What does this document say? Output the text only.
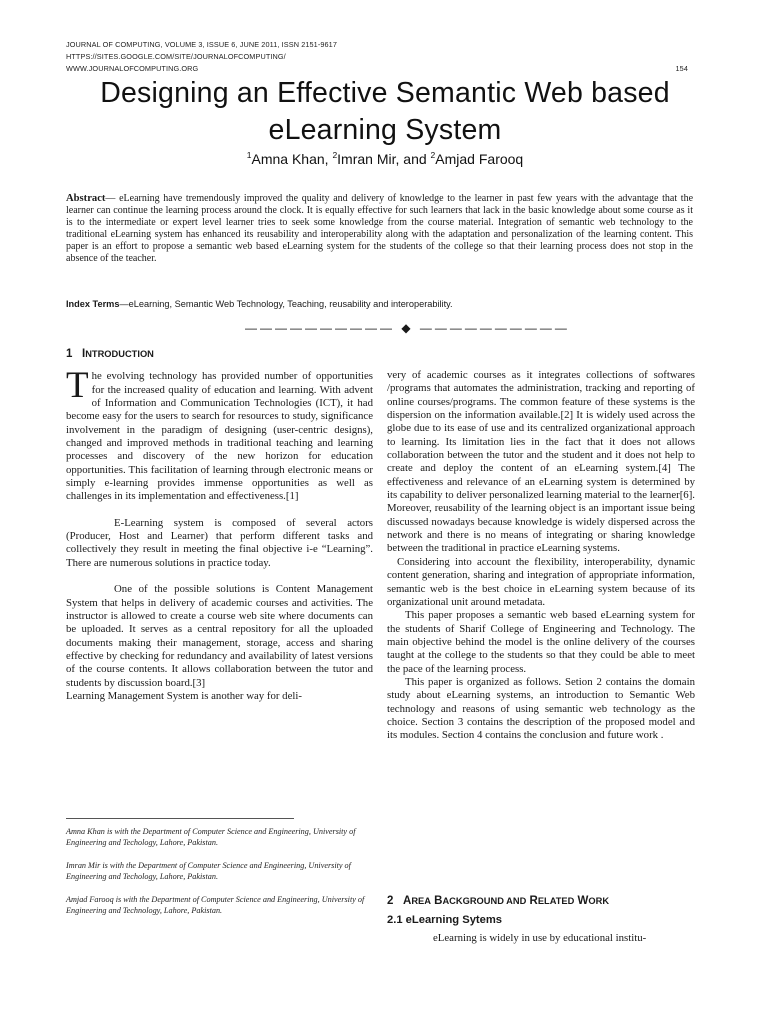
JOURNAL OF COMPUTING, VOLUME 3, ISSUE 6, JUNE 2011, ISSN 2151-9617
HTTPS://SITES.GOOGLE.COM/SITE/JOURNALOFCOMPUTING/
WWW.JOURNALOFCOMPUTING.ORG	154
Designing an Effective Semantic Web based
eLearning System
$^1$Amna Khan, $^2$Imran Mir, and $^2$Amjad Farooq
Abstract— eLearning have tremendously improved the quality and delivery of knowledge to the learner in past few years with the advantage that the learner can continue the learning process around the clock. It is equally effective for such learners that lack in the basic knowledge about some course as it is to the intermediate or expert level learner tries to seek some knowledge from the course material. Integration of semantic web technology to the traditional eLearning system has enhanced its reusability and interoperability along with the adaptation and personalization of the learning content. This paper is an effort to propose a semantic web based eLearning system for the students of the college so that their learning process does not stop in the absence of the teacher.
Index Terms—eLearning, Semantic Web Technology, Teaching, reusability and interoperability.
—————————— ◆ ——————————
1 INTRODUCTION

The evolving technology has provided number of opportunities for the increased quality of education and learning. With advent of Information and Communication Technologies (ICT), it had become easy for the users to search for resources to study, significance involvement in the paradigm of designing (user-centric designs), changed and improved methods in traditional teaching and learning processes and discovery of the new horizon for education opportunities. This facilitation of learning through electronic means or simply e-learning provides immense opportunities as well as challenges in its implementation and effectiveness.[1]

E-Learning system is composed of several actors (Producer, Host and Learner) that perform different tasks and collectively they result in meeting the final objective i-e “Learning”. There are numerous solutions in practice today.

One of the possible solutions is Content Management System that helps in delivery of academic courses and activities. The instructor is allowed to create a course web site where documents can be uploaded. It serves as a central repository for all the uploaded documents making their management, storage, access and sharing effective by checking for redundancy and availability of latest versions of the course contents. It allows collaboration between the tutor and students by discussion board.[3]

Learning Management System is another way for deli-

Amna Khan is with the Department of Computer Science and Engineering, University of Engineering and Techology, Lahore, Pakistan.
Imran Mir is with the Department of Computer Science and Engineering, University of Engineering and Techology, Lahore, Pakistan.
Amjad Farooq is with the Department of Computer Science and Engineering, University of Engineering and Technology, Lahore, Pakistan.

very of academic courses as it integrates collections of softwares /programs that automates the administration, tracking and reporting of online courses/programs. The common feature of these systems is the dispersion on the information available.[2] It is widely used across the globe due to its ease of use and its centralized organizational approach to learning. Its limitation lies in the fact that it does not allows collaboration between the tutor and the student and it does not help to create and deploy the content of an eLearning system.[4] The effectiveness and relevance of an eLearning system is determined by its capability to deliver personalized learning material to the learner[6]. Moreover, reusability of the learning object is an important issue being discussed nowadays because knowledge is widely dispersed across the network and there is no means of integrating or sharing knowledge between the traditional in practice eLearning systems.

Considering into account the flexibility, interoperability, dynamic content generation, sharing and integration of appropriate information, semantic web is the best choice in eLearning system because of its organizational unit around metadata.

This paper proposes a semantic web based eLearning system for the students of Sharif College of Engineering and Technology. The main objective behind the model is the online delivery of the courses taught at the college to the students so that they could be able to meet the pace of the learning process.

This paper is organized as follows. Setion 2 contains the domain study about eLearning systems, an introduction to Semantic Web technology and reasons of using semantic web technology as the choice. Section 3 contains the description of the proposed model and its modules. Section 4 contains the conclusion and future work .

2 AREA BACKGROUND AND RELATED WORK
2.1 eLearning Sytems

eLearning is widely in use by educational institu-
